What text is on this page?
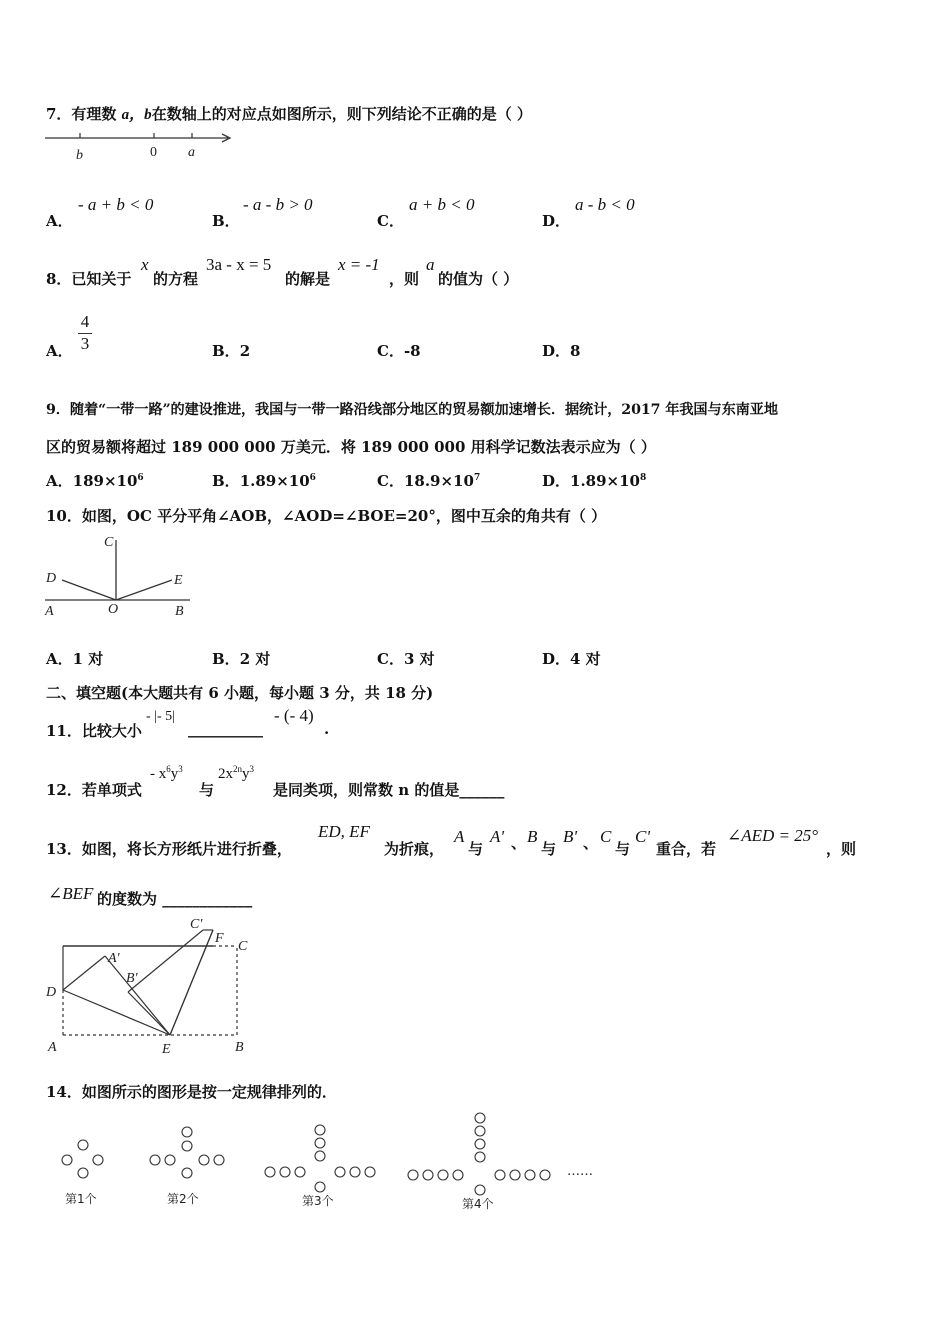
7．有理数 a，b在数轴上的对应点如图所示，则下列结论不正确的是（ ）
b	0 a
A．
- a + b < 0
B．
- a - b > 0
C．
a + b < 0
D．
a - b < 0
8．已知关于
x
的方程
3a - x = 5
的解是
x = -1
，则
a
的值为（ ）
A．
4
3	B．2	C．-8	D．8
9．随着“一带一路”的建设推进，我国与一带一路沿线部分地区的贸易额加速增长．据统计，2017 年我国与东南亚地
区的贸易额将超过 189 000 000 万美元．将 189 000 000 用科学记数法表示应为（ ）
A．$189\times 10^6$	B．$1.89\times 10^6$	C．$18.9\times 10^7$	D．$1.89\times 10^8$
10．如图，OC 平分平角∠AOB，∠AOD=∠BOE=20°，图中互余的角共有（ ）
C
D	E
A	O	B
A．1 对	B．2 对	C．3 对	D．4 对
二、填空题(本大题共有 6 小题，每小题 3 分，共 18 分)
11．比较大小
- |- 5|
__________
- (- 4)
.
12．若单项式
- $x^6y^3$
与
$2x^{2n}y^3$
是同类项，则常数 n 的值是______
13．如图，将长方形纸片进行折叠，
ED, EF
为折痕，
A
与
A' 、 B
与
B' 、 C
与
C'
重合，若
∠AED = 25°
，则
∠BEF 的度数为 ____________
C'
F
C
A'
B'
D
A	E	B
14．如图所示的图形是按一定规律排列的．
……
第1个	第2个	第3个	第4个
